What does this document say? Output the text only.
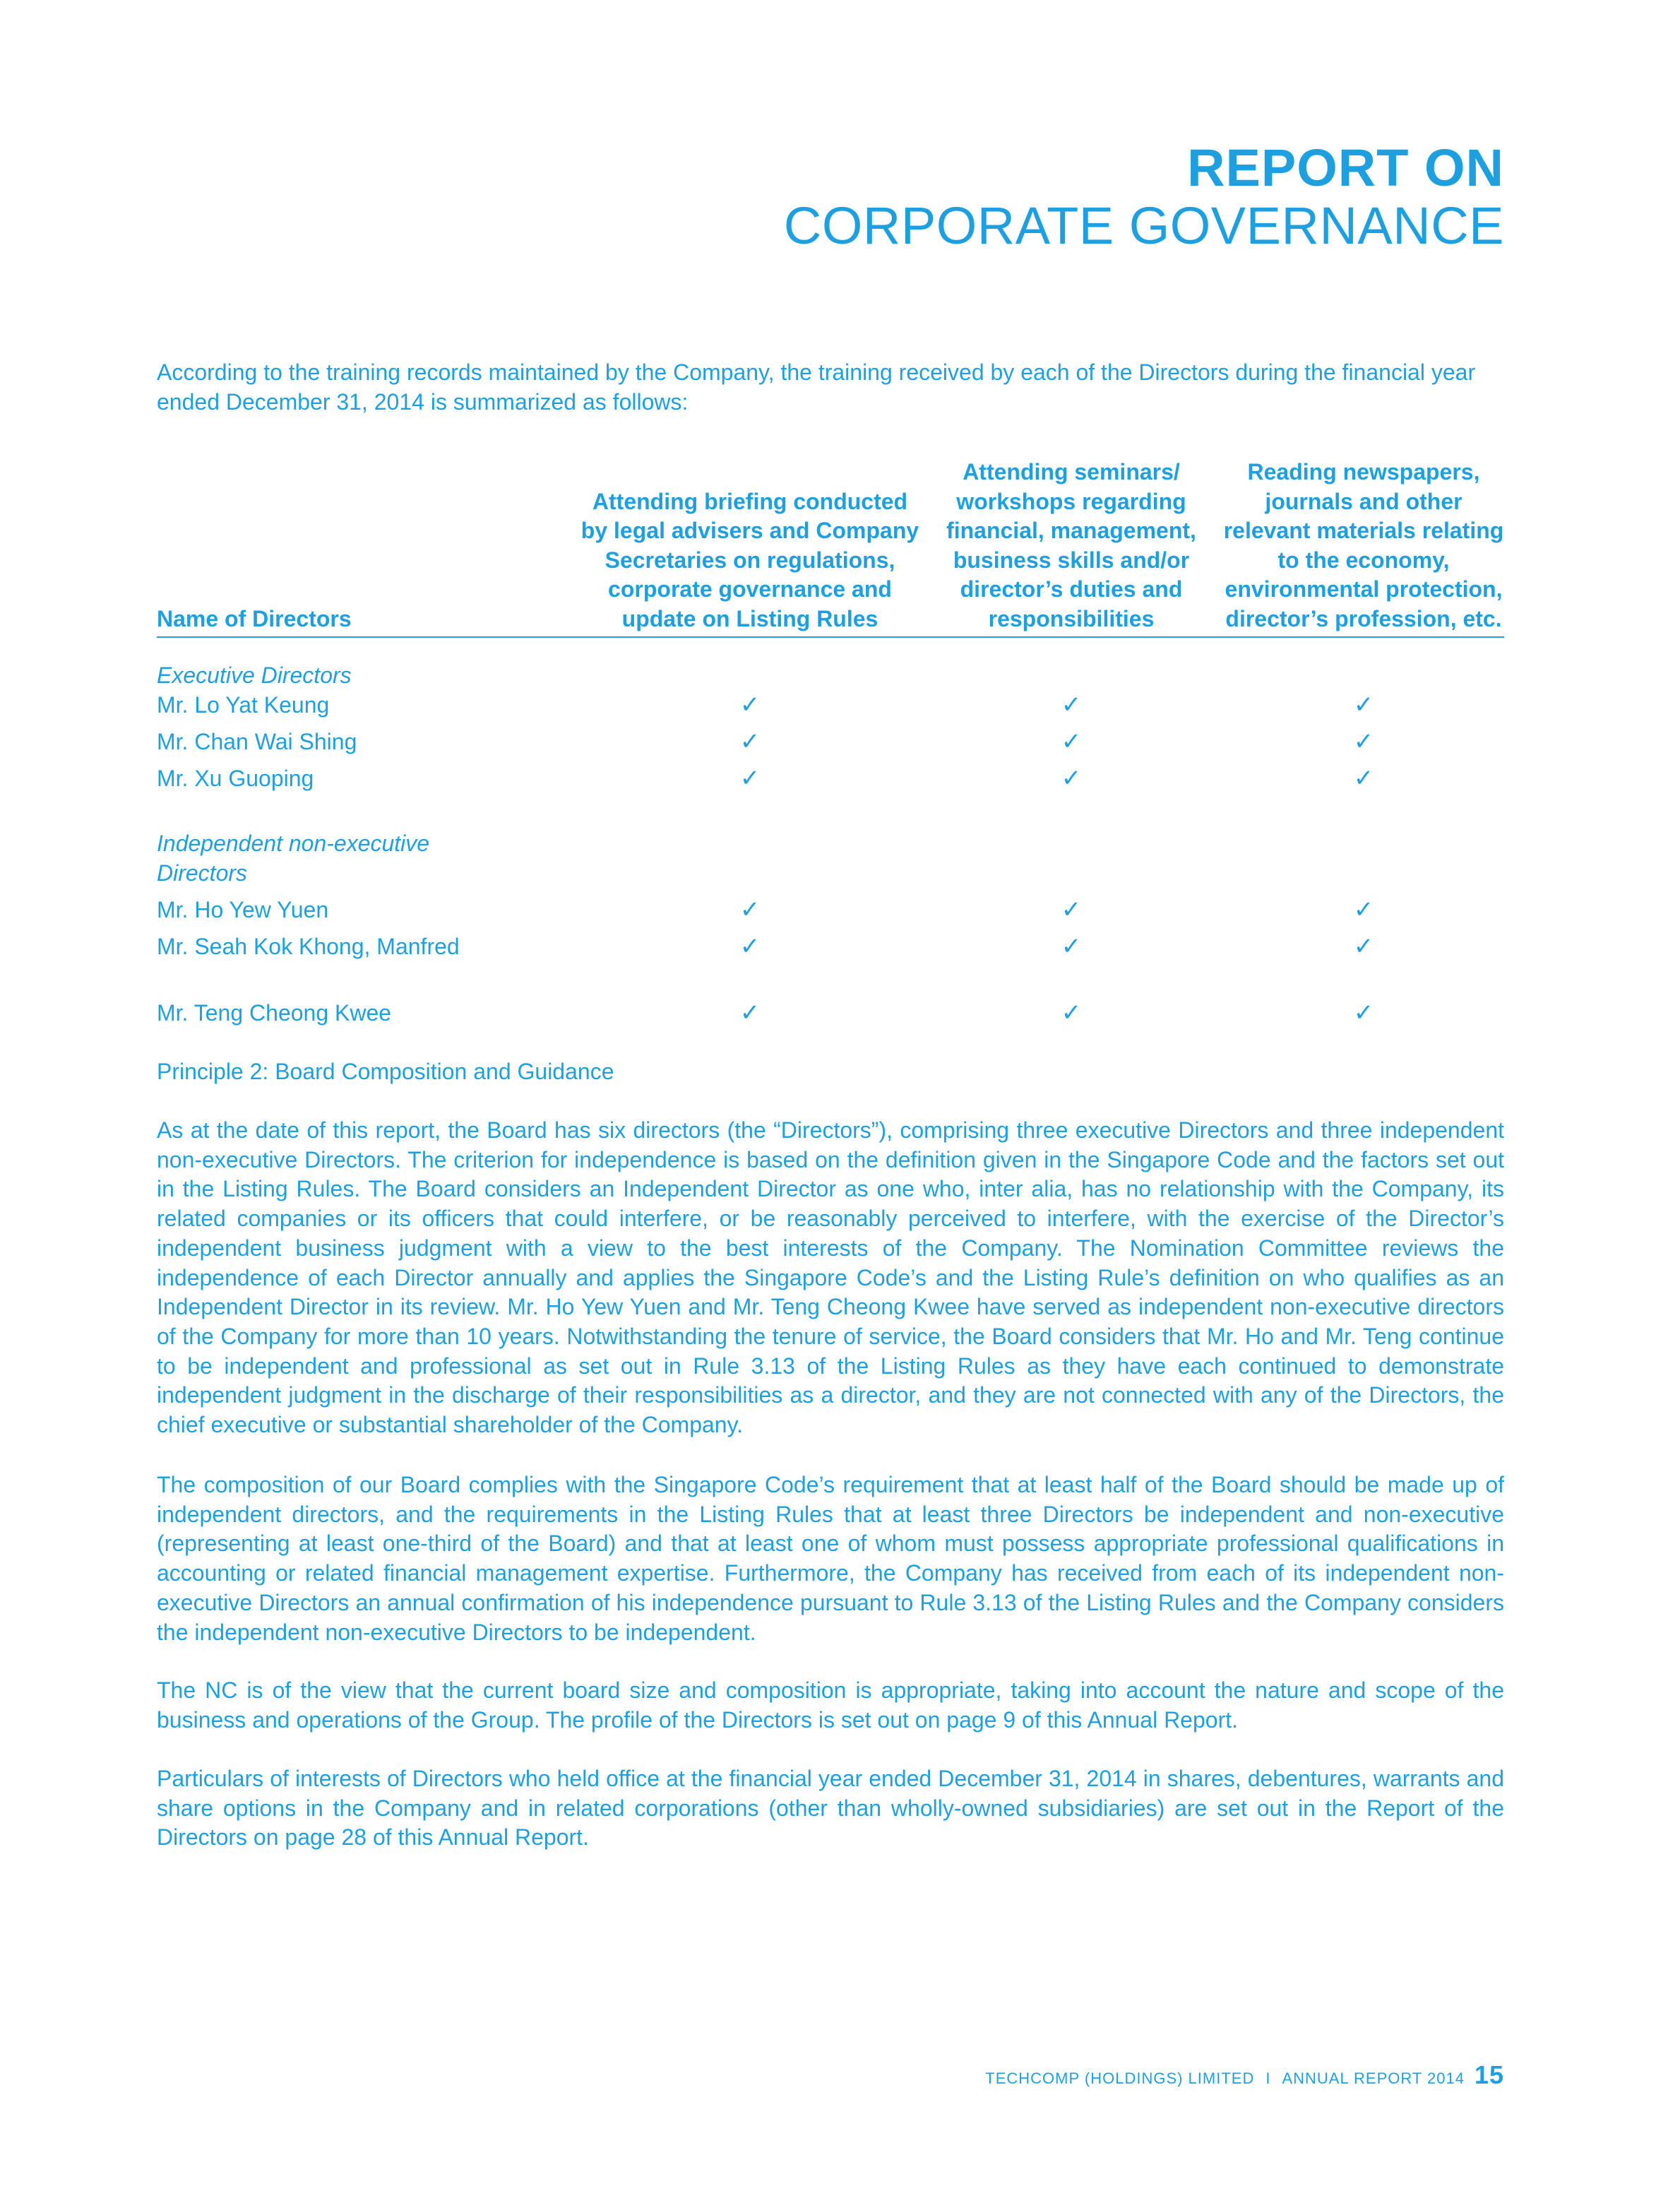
REPORT ON
CORPORATE GOVERNANCE

According to the training records maintained by the Company, the training received by each of the Directors during the financial year ended December 31, 2014 is summarized as follows:

Name of Directors	Attending briefing conducted by legal advisers and Company Secretaries on regulations, corporate governance and update on Listing Rules	Attending seminars/ workshops regarding financial, management, business skills and/or director’s duties and responsibilities	Reading newspapers, journals and other relevant materials relating to the economy, environmental protection, director’s profession, etc.

Executive Directors			
Mr. Lo Yat Keung	✓	✓	✓
Mr. Chan Wai Shing	✓	✓	✓
Mr. Xu Guoping	✓	✓	✓

Independent non-executive Directors			
Mr. Ho Yew Yuen	✓	✓	✓
Mr. Seah Kok Khong, Manfred	✓	✓	✓
Mr. Teng Cheong Kwee	✓	✓	✓

Principle 2: Board Composition and Guidance

As at the date of this report, the Board has six directors (the “Directors”), comprising three executive Directors and three independent non-executive Directors. The criterion for independence is based on the definition given in the Singapore Code and the factors set out in the Listing Rules. The Board considers an Independent Director as one who, inter alia, has no relationship with the Company, its related companies or its officers that could interfere, or be reasonably perceived to interfere, with the exercise of the Director’s independent business judgment with a view to the best interests of the Company. The Nomination Committee reviews the independence of each Director annually and applies the Singapore Code’s and the Listing Rule’s definition on who qualifies as an Independent Director in its review. Mr. Ho Yew Yuen and Mr. Teng Cheong Kwee have served as independent non-executive directors of the Company for more than 10 years. Notwithstanding the tenure of service, the Board considers that Mr. Ho and Mr. Teng continue to be independent and professional as set out in Rule 3.13 of the Listing Rules as they have each continued to demonstrate independent judgment in the discharge of their responsibilities as a director, and they are not connected with any of the Directors, the chief executive or substantial shareholder of the Company.

The composition of our Board complies with the Singapore Code’s requirement that at least half of the Board should be made up of independent directors, and the requirements in the Listing Rules that at least three Directors be independent and non-executive (representing at least one-third of the Board) and that at least one of whom must possess appropriate professional qualifications in accounting or related financial management expertise. Furthermore, the Company has received from each of its independent non-executive Directors an annual confirmation of his independence pursuant to Rule 3.13 of the Listing Rules and the Company considers the independent non-executive Directors to be independent.

The NC is of the view that the current board size and composition is appropriate, taking into account the nature and scope of the business and operations of the Group. The profile of the Directors is set out on page 9 of this Annual Report.

Particulars of interests of Directors who held office at the financial year ended December 31, 2014 in shares, debentures, warrants and share options in the Company and in related corporations (other than wholly-owned subsidiaries) are set out in the Report of the Directors on page 28 of this Annual Report.

TECHCOMP (HOLDINGS) LIMITED I ANNUAL REPORT 2014 15
